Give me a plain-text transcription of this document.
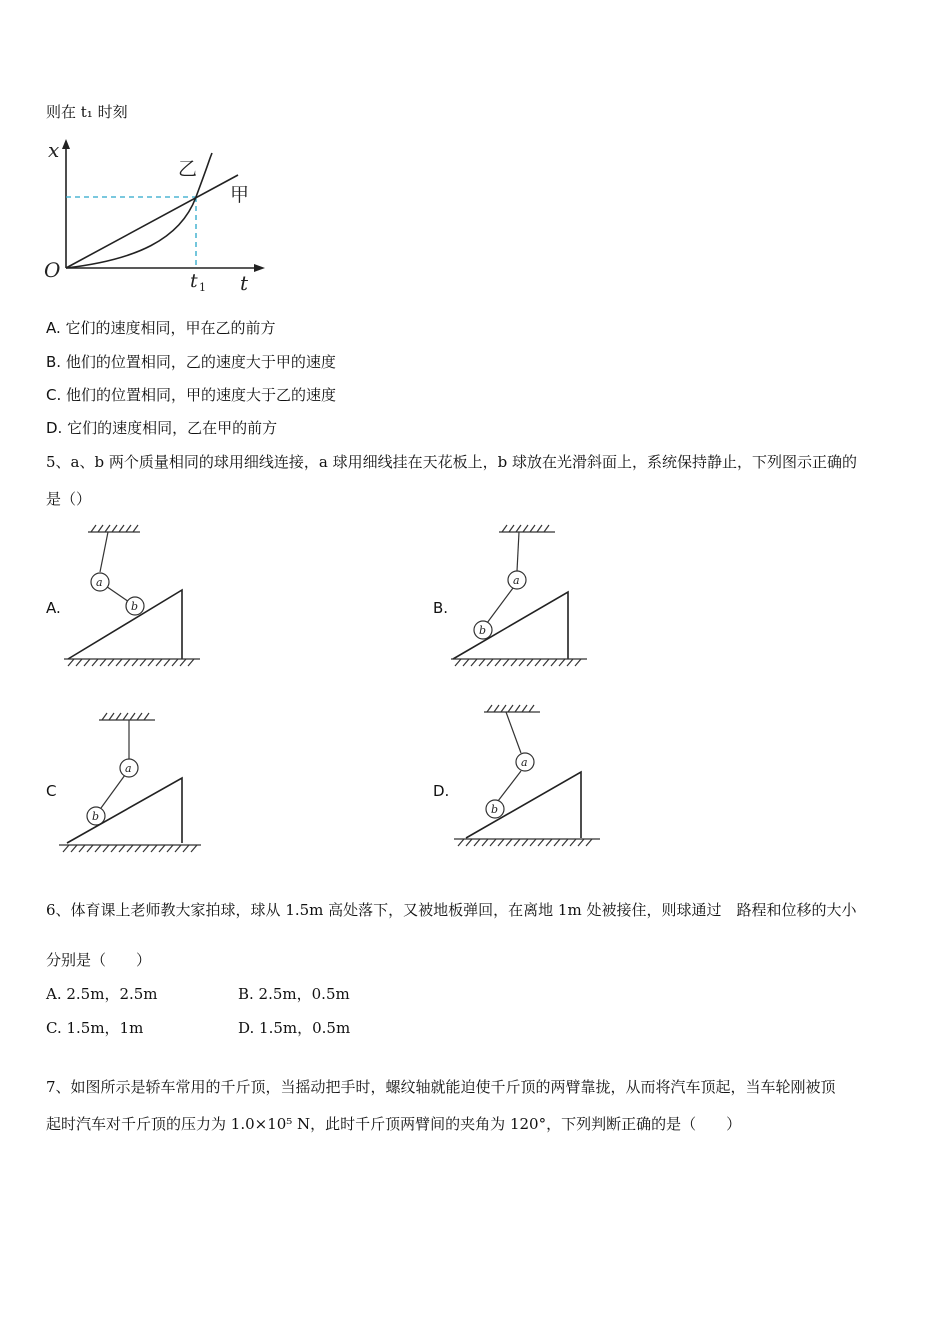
则在 t₁ 时刻
x
t
O	t 1
乙
甲
A. 它们的速度相同，甲在乙的前方
B. 他们的位置相同，乙的速度大于甲的速度
C. 他们的位置相同，甲的速度大于乙的速度
D. 它们的速度相同，乙在甲的前方
5、a、b 两个质量相同的球用细线连接，a 球用细线挂在天花板上，b 球放在光滑斜面上，系统保持静止，下列图示正确的
是（）
A.
a
b	B.
a
b
C
a
b
D.
a
b
6、体育课上老师教大家拍球，球从 1.5m 高处落下，又被地板弹回，在离地 1m 处被接住，则球通过　路程和位移的大小
分别是（　　）
A. 2.5m，2.5m	B. 2.5m，0.5m
C. 1.5m，1m	D. 1.5m，0.5m
7、如图所示是轿车常用的千斤顶，当摇动把手时，螺纹轴就能迫使千斤顶的两臂靠拢，从而将汽车顶起，当车轮刚被顶
起时汽车对千斤顶的压力为 1.0×10⁵ N，此时千斤顶两臂间的夹角为 120°，下列判断正确的是（　　）
